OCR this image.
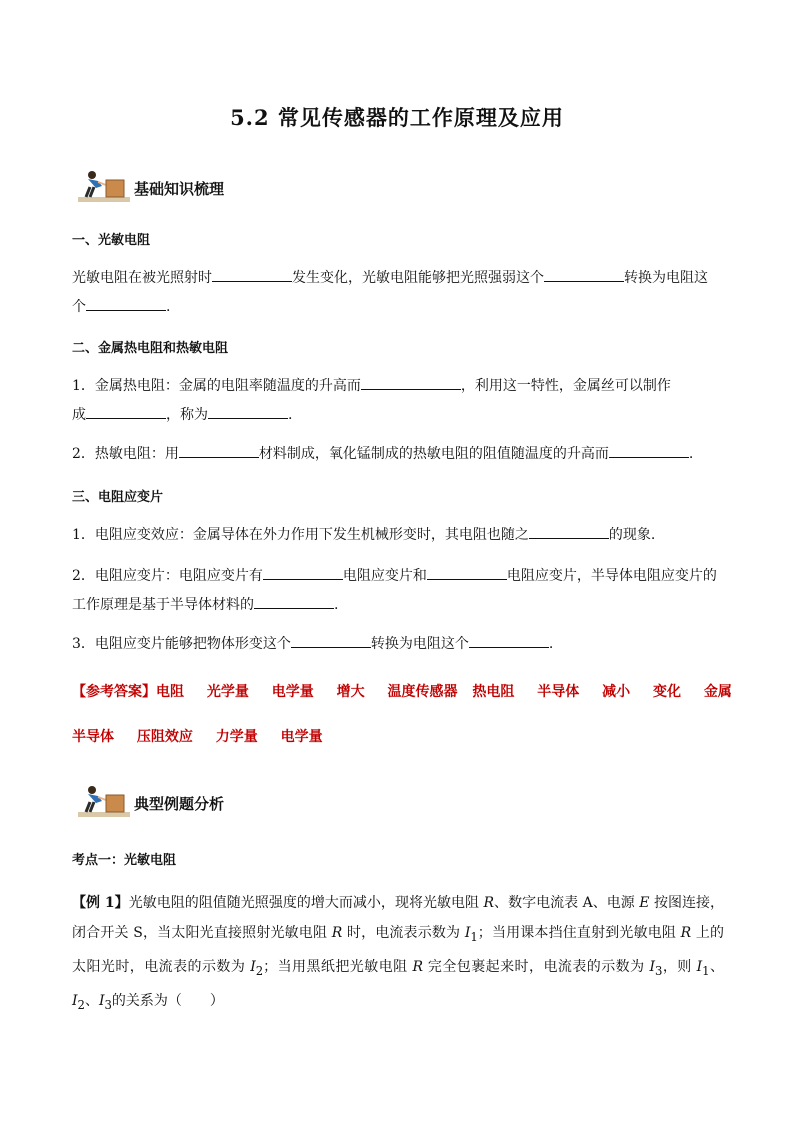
5.2 常见传感器的工作原理及应用
基础知识梳理
一、光敏电阻
光敏电阻在被光照射时	发生变化，光敏电阻能够把光照强弱这个	转换为电阻这
个	.
二、金属热电阻和热敏电阻
1．金属热电阻：金属的电阻率随温度的升高而	，利用这一特性，金属丝可以制作
成	，称为	.
2．热敏电阻：用	材料制成，氧化锰制成的热敏电阻的阻值随温度的升高而	.
三、电阻应变片
1．电阻应变效应：金属导体在外力作用下发生机械形变时，其电阻也随之	的现象.
2．电阻应变片：电阻应变片有	电阻应变片和	电阻应变片，半导体电阻应变片的
工作原理是基于半导体材料的	.
3．电阻应变片能够把物体形变这个	转换为电阻这个	.
【参考答案】电阻 光学量 电学量 增大 温度传感器 热电阻 半导体 减小 变化 金属
半导体 压阻效应 力学量 电学量
典型例题分析
考点一：光敏电阻
【例 1】光敏电阻的阻值随光照强度的增大而减小，现将光敏电阻 R、数字电流表 A、电源 E 按图连接，闭合开关 S，当太阳光直接照射光敏电阻 R 时，电流表示数为 $I_1$；当用课本挡住直射到光敏电阻 R 上的太阳光时，电流表的示数为 $I_2$；当用黑纸把光敏电阻 R 完全包裹起来时，电流表的示数为 $I_3$，则 $I_1$、$I_2$、$I_3$的关系为（　　）
